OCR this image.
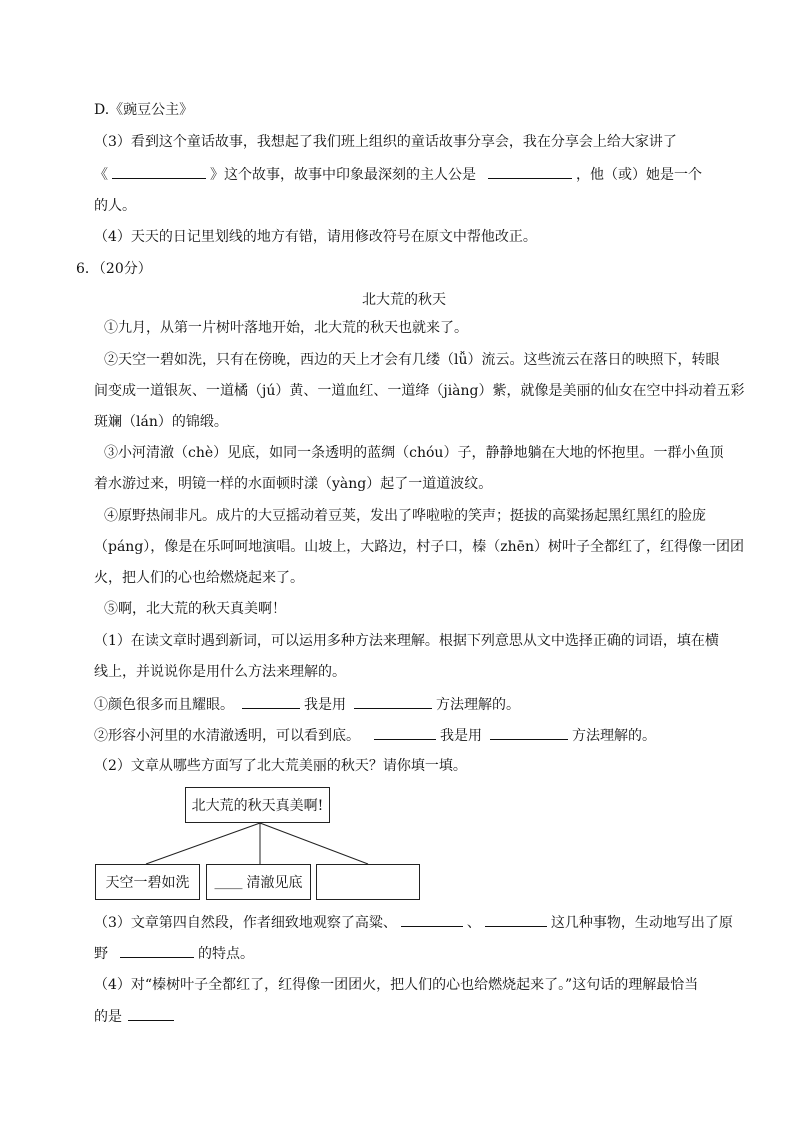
D.《豌豆公主》
（3）看到这个童话故事，我想起了我们班上组织的童话故事分享会，我在分享会上给大家讲了
《	》这个故事，故事中印象最深刻的主人公是	，他（或）她是一个
的人。
（4）天天的日记里划线的地方有错，请用修改符号在原文中帮他改正。
6．（20分）
北大荒的秋天
①九月，从第一片树叶落地开始，北大荒的秋天也就来了。
②天空一碧如洗，只有在傍晚，西边的天上才会有几缕（lǚ）流云。这些流云在落日的映照下，转眼
间变成一道银灰、一道橘（jú）黄、一道血红、一道绛（jiàng）紫，就像是美丽的仙女在空中抖动着五彩
斑斓（lán）的锦缎。
③小河清澈（chè）见底，如同一条透明的蓝绸（chóu）子，静静地躺在大地的怀抱里。一群小鱼顶
着水游过来，明镜一样的水面顿时漾（yàng）起了一道道波纹。
④原野热闹非凡。成片的大豆摇动着豆荚，发出了哗啦啦的笑声；挺拔的高粱扬起黑红黑红的脸庞
（páng），像是在乐呵呵地演唱。山坡上，大路边，村子口，榛（zhēn）树叶子全都红了，红得像一团团
火，把人们的心也给燃烧起来了。
⑤啊，北大荒的秋天真美啊！
（1）在读文章时遇到新词，可以运用多种方法来理解。根据下列意思从文中选择正确的词语，填在横
线上，并说说你是用什么方法来理解的。
①颜色很多而且耀眼。	我是用	方法理解的。
②形容小河里的水清澈透明，可以看到底。	我是用	方法理解的。
（2）文章从哪些方面写了北大荒美丽的秋天？请你填一填。
北大荒的秋天真美啊!
天空一碧如洗 ____ 清澈见底
（3）文章第四自然段，作者细致地观察了高粱、	、	这几种事物，生动地写出了原
野	的特点。
（4）对“榛树叶子全都红了，红得像一团团火，把人们的心也给燃烧起来了。”这句话的理解最恰当
的是
